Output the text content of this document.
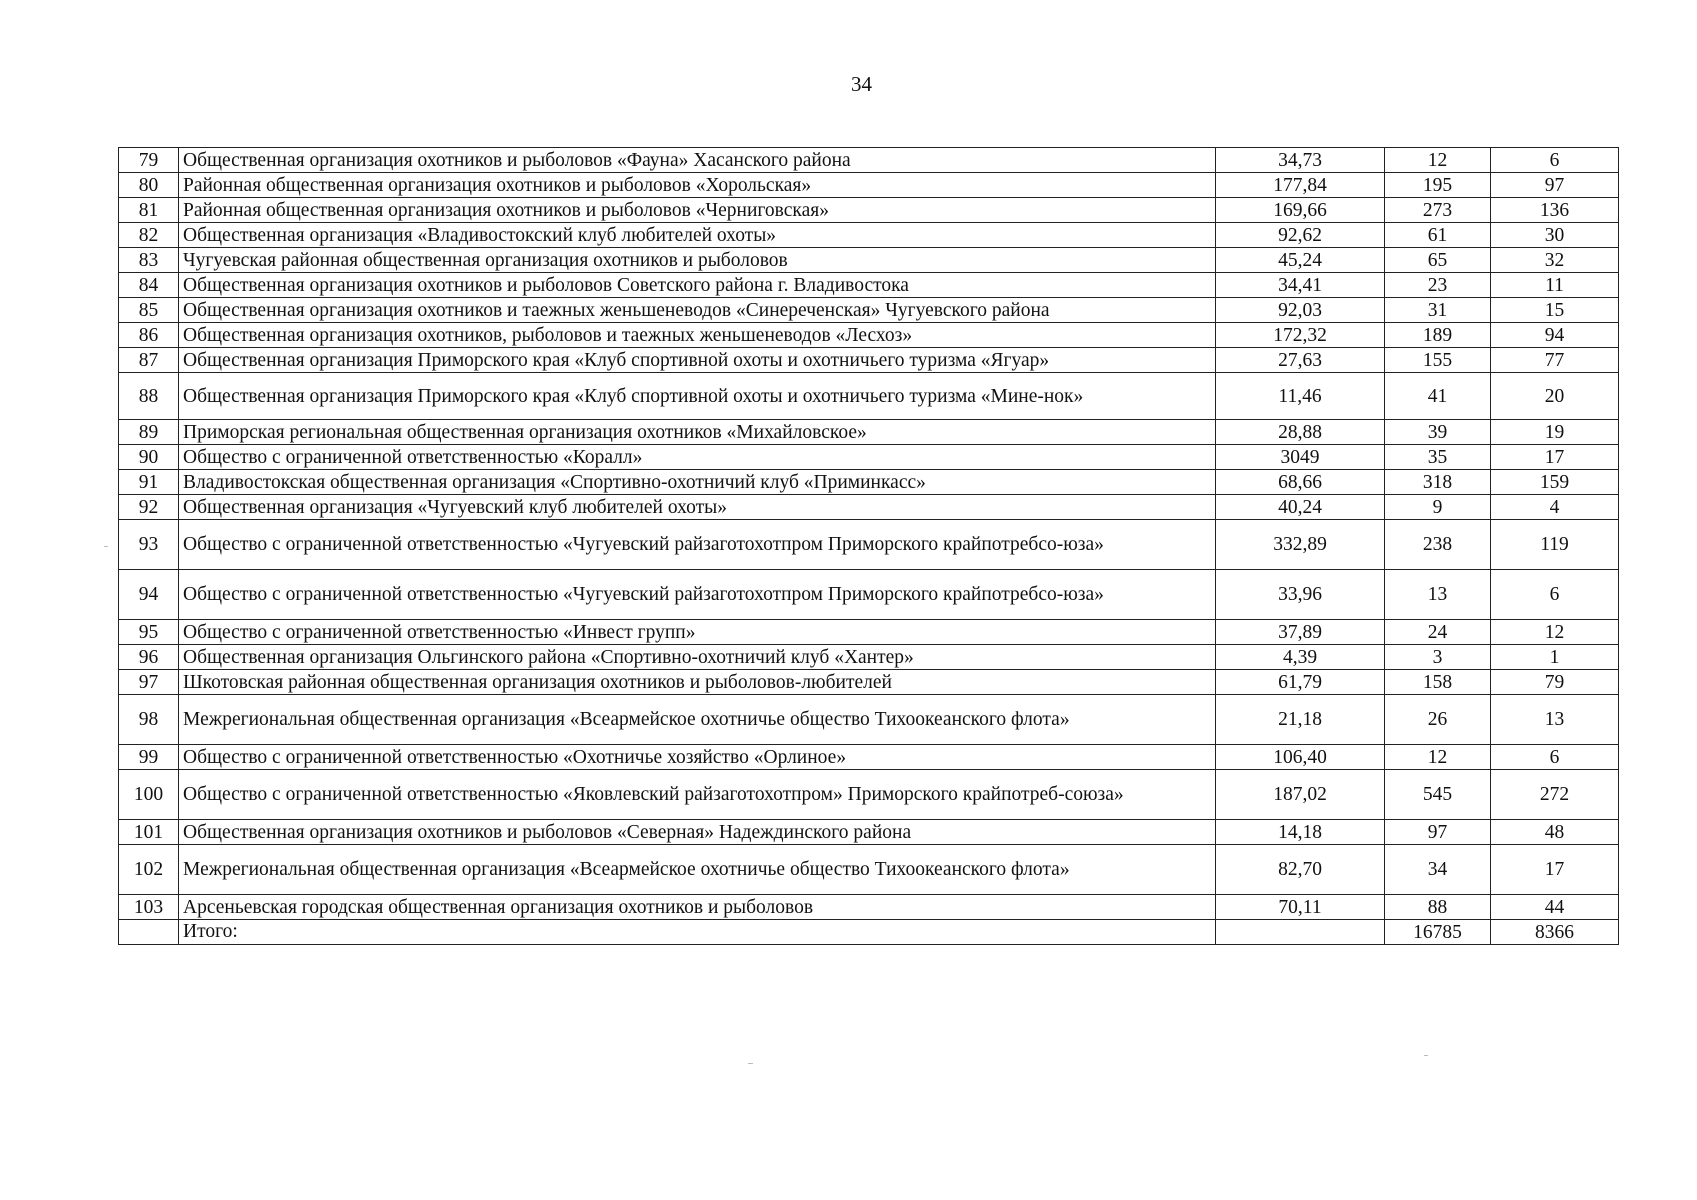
34
79	Общественная организация охотников и рыболовов «Фауна» Хасанского района	34,73	12	6
80	Районная общественная организация охотников и рыболовов «Хорольская»	177,84	195	97
81	Районная общественная организация охотников и рыболовов «Черниговская»	169,66	273	136
82	Общественная организация «Владивостокский клуб любителей охоты»	92,62	61	30
83	Чугуевская районная общественная организация охотников и рыболовов	45,24	65	32
84	Общественная организация охотников и рыболовов Советского района г. Владивостока	34,41	23	11
85	Общественная организация охотников и таежных женьшеневодов «Синереченская» Чугуевского района	92,03	31	15
86	Общественная организация охотников, рыболовов и таежных женьшеневодов «Лесхоз»	172,32	189	94
87	Общественная организация Приморского края «Клуб спортивной охоты и охотничьего туризма «Ягуар»	27,63	155	77
88	Общественная организация Приморского края «Клуб спортивной охоты и охотничьего туризма «Мине-нок»	11,46	41	20
89	Приморская региональная общественная организация охотников «Михайловское»	28,88	39	19
90	Общество с ограниченной ответственностью «Коралл»	3049	35	17
91	Владивостокская общественная организация «Спортивно-охотничий клуб «Приминкасс»	68,66	318	159
92	Общественная организация «Чугуевский клуб любителей охоты»	40,24	9	4
93	Общество с ограниченной ответственностью «Чугуевский райзаготохотпром Приморского крайпотребсо-юза»	332,89	238	119
94	Общество с ограниченной ответственностью «Чугуевский райзаготохотпром Приморского крайпотребсо-юза»	33,96	13	6
95	Общество с ограниченной ответственностью «Инвест групп»	37,89	24	12
96	Общественная организация Ольгинского района «Спортивно-охотничий клуб «Хантер»	4,39	3	1
97	Шкотовская районная общественная организация охотников и рыболовов-любителей	61,79	158	79
98	Межрегиональная общественная организация «Всеармейское охотничье общество Тихоокеанского флота»	21,18	26	13
99	Общество с ограниченной ответственностью «Охотничье хозяйство «Орлиное»	106,40	12	6
100	Общество с ограниченной ответственностью «Яковлевский райзаготохотпром» Приморского крайпотреб-союза»	187,02	545	272
101	Общественная организация охотников и рыболовов «Северная» Надеждинского района	14,18	97	48
102	Межрегиональная общественная организация «Всеармейское охотничье общество Тихоокеанского флота»	82,70	34	17
103	Арсеньевская городская общественная организация охотников и рыболовов	70,11	88	44
	Итого:		16785	8366
